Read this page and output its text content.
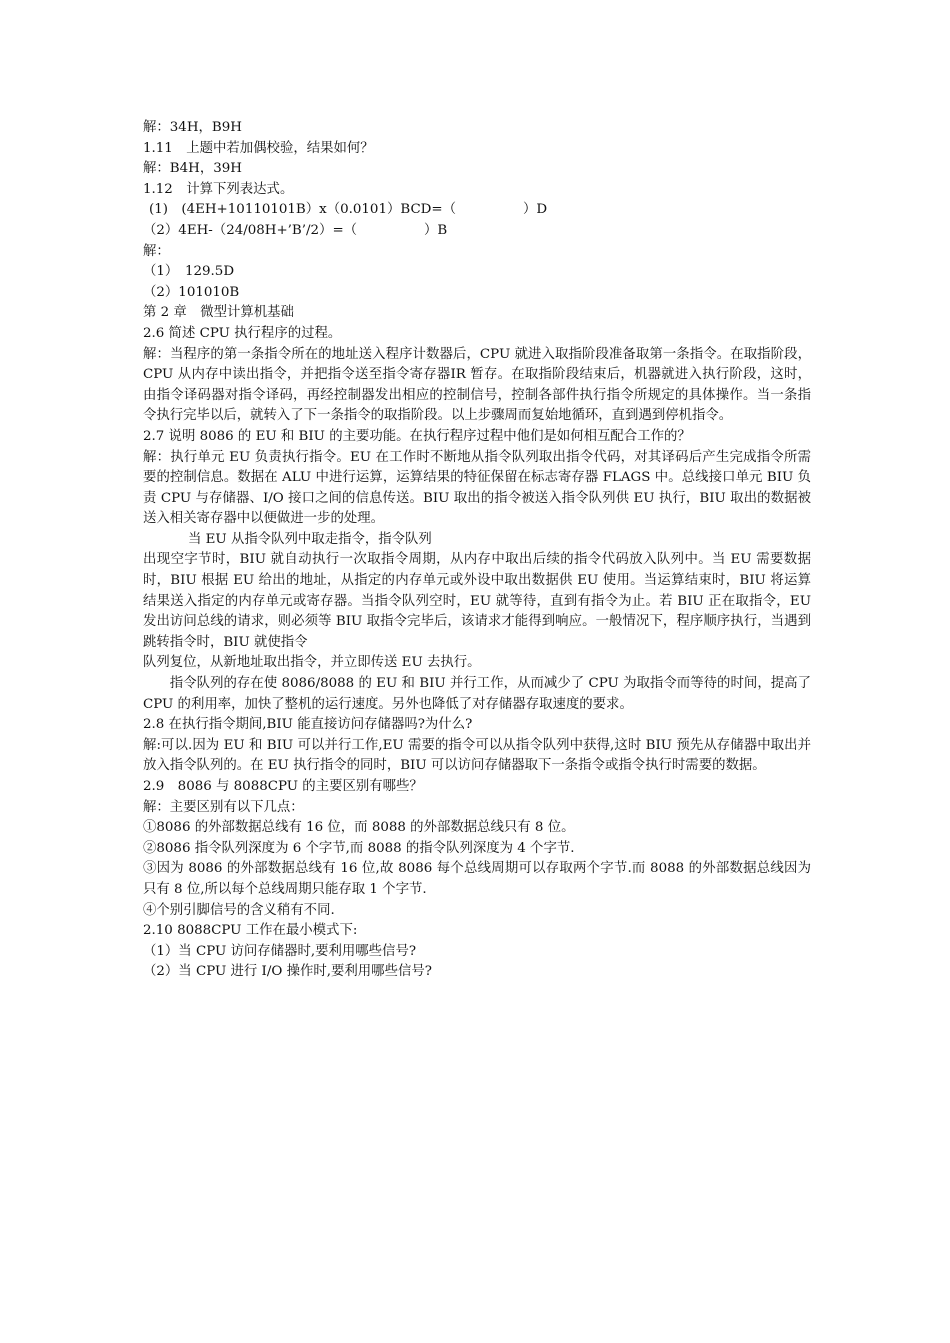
解：34H，B9H
1.11　上题中若加偶校验，结果如何？
解：B4H，39H
1.12　计算下列表达式。
(1)　(4EH+10110101B）x（0.0101）BCD=（　　　　　）D
（2）4EH-（24/08H+’B’/2）=（　　　　　）B
解：
（1）　129.5D
（2）101010B
第 2 章　微型计算机基础
2.6 简述 CPU 执行程序的过程。
解：当程序的第一条指令所在的地址送入程序计数器后，CPU 就进入取指阶段准备取第一条指令。在取指阶段，CPU 从内存中读出指令，并把指令送至指令寄存器IR 暂存。在取指阶段结束后，机器就进入执行阶段，这时，由指令译码器对指令译码，再经控制器发出相应的控制信号，控制各部件执行指令所规定的具体操作。当一条指令执行完毕以后，就转入了下一条指令的取指阶段。以上步骤周而复始地循环，直到遇到停机指令。
2.7 说明 8086 的 EU 和 BIU 的主要功能。在执行程序过程中他们是如何相互配合工作的？
解：执行单元 EU 负责执行指令。EU 在工作时不断地从指令队列取出指令代码，对其译码后产生完成指令所需要的控制信息。数据在 ALU 中进行运算，运算结果的特征保留在标志寄存器 FLAGS 中。总线接口单元 BIU 负责 CPU 与存储器、I/O 接口之间的信息传送。BIU 取出的指令被送入指令队列供 EU 执行，BIU 取出的数据被送入相关寄存器中以便做进一步的处理。
当 EU 从指令队列中取走指令，指令队列
出现空字节时，BIU 就自动执行一次取指令周期，从内存中取出后续的指令代码放入队列中。当 EU 需要数据时，BIU 根据 EU 给出的地址，从指定的内存单元或外设中取出数据供 EU 使用。当运算结束时，BIU 将运算结果送入指定的内存单元或寄存器。当指令队列空时，EU 就等待，直到有指令为止。若 BIU 正在取指令，EU 发出访问总线的请求，则必须等 BIU 取指令完毕后，该请求才能得到响应。一般情况下，程序顺序执行，当遇到跳转指令时，BIU 就使指令
队列复位，从新地址取出指令，并立即传送 EU 去执行。
指令队列的存在使 8086/8088 的 EU 和 BIU 并行工作，从而减少了 CPU 为取指令而等待的时间，提高了 CPU 的利用率，加快了整机的运行速度。另外也降低了对存储器存取速度的要求。
2.8 在执行指令期间,BIU 能直接访问存储器吗?为什么?
解:可以.因为 EU 和 BIU 可以并行工作,EU 需要的指令可以从指令队列中获得,这时 BIU 预先从存储器中取出并放入指令队列的。在 EU 执行指令的同时，BIU 可以访问存储器取下一条指令或指令执行时需要的数据。
2.9　8086 与 8088CPU 的主要区别有哪些？
解：主要区别有以下几点：
①8086 的外部数据总线有 16 位，而 8088 的外部数据总线只有 8 位。
②8086 指令队列深度为 6 个字节,而 8088 的指令队列深度为 4 个字节.
③因为 8086 的外部数据总线有 16 位,故 8086 每个总线周期可以存取两个字节.而 8088 的外部数据总线因为只有 8 位,所以每个总线周期只能存取 1 个字节.
④个别引脚信号的含义稍有不同.
2.10 8088CPU 工作在最小模式下:
（1）当 CPU 访问存储器时,要利用哪些信号?
（2）当 CPU 进行 I/O 操作时,要利用哪些信号?
